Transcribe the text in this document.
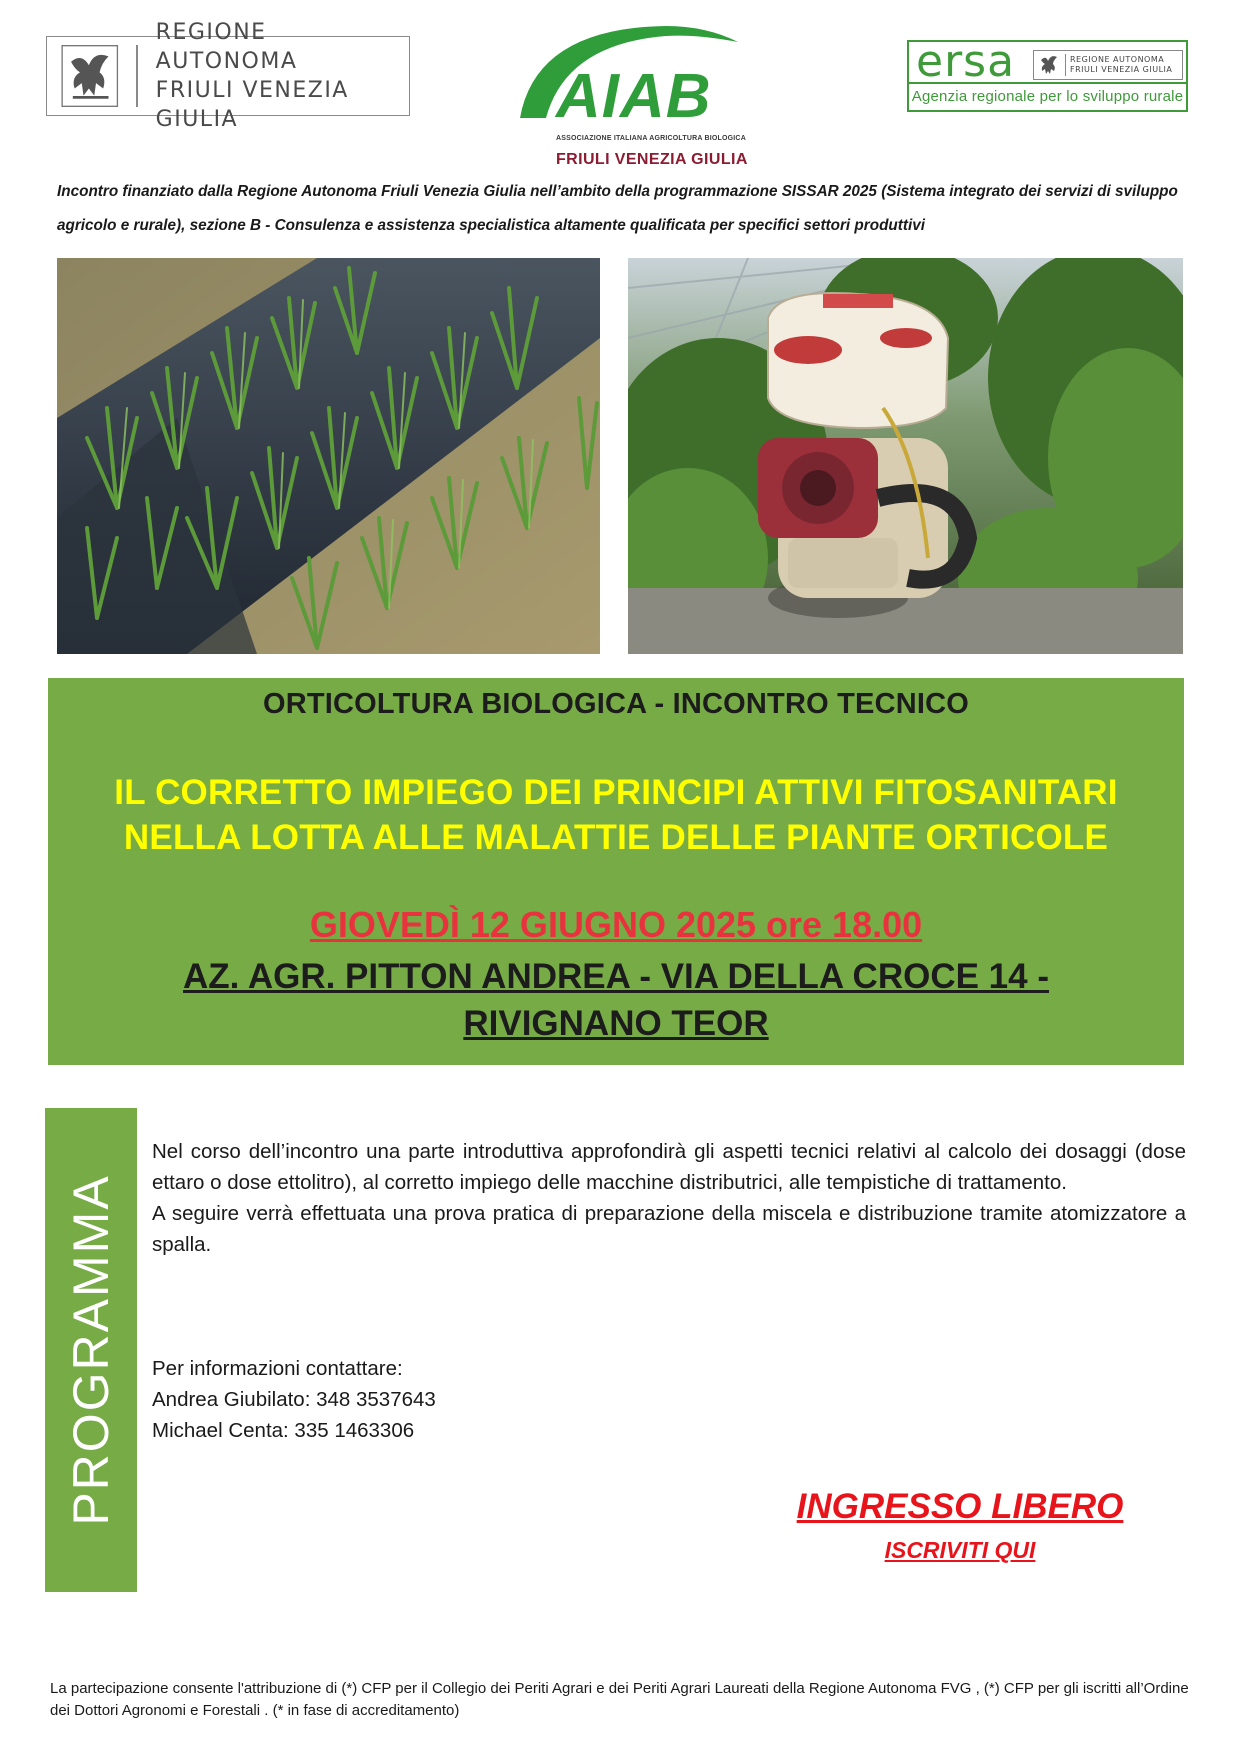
REGIONE AUTONOMA
FRIULI VENEZIA GIULIA	AIAB
ASSOCIAZIONE ITALIANA AGRICOLTURA BIOLOGICA
FRIULI VENEZIA GIULIA
ersa	REGIONE AUTONOMA
FRIULI VENEZIA GIULIA
Agenzia regionale per lo sviluppo rurale
Incontro finanziato dalla Regione Autonoma Friuli Venezia Giulia nell’ambito della programmazione SISSAR 2025 (Sistema integrato dei servizi di sviluppo agricolo e rurale), sezione B - Consulenza e assistenza specialistica altamente qualificata per specifici settori produttivi
ORTICOLTURA BIOLOGICA - INCONTRO TECNICO
IL CORRETTO IMPIEGO DEI PRINCIPI ATTIVI FITOSANITARI
NELLA LOTTA ALLE MALATTIE DELLE PIANTE ORTICOLE
GIOVEDÌ 12 GIUGNO 2025 ore 18.00
AZ. AGR. PITTON ANDREA - VIA DELLA CROCE 14 -
RIVIGNANO TEOR
PROGRAMMA

Nel corso dell’incontro una parte introduttiva approfondirà gli aspetti tecnici relativi al calcolo dei dosaggi (dose ettaro o dose ettolitro), al corretto impiego delle macchine distributrici, alle tempistiche di trattamento.

A seguire verrà effettuata una prova pratica di preparazione della miscela e distribuzione tramite atomizzatore a spalla.

Per informazioni contattare:
Andrea Giubilato: 348 3537643
Michael Centa: 335 1463306
INGRESSO LIBERO
ISCRIVITI QUI
La partecipazione consente l'attribuzione di (*) CFP per il Collegio dei Periti Agrari e dei Periti Agrari Laureati della Regione Autonoma FVG , (*) CFP per gli iscritti all’Ordine dei Dottori Agronomi e Forestali . (* in fase di accreditamento)
